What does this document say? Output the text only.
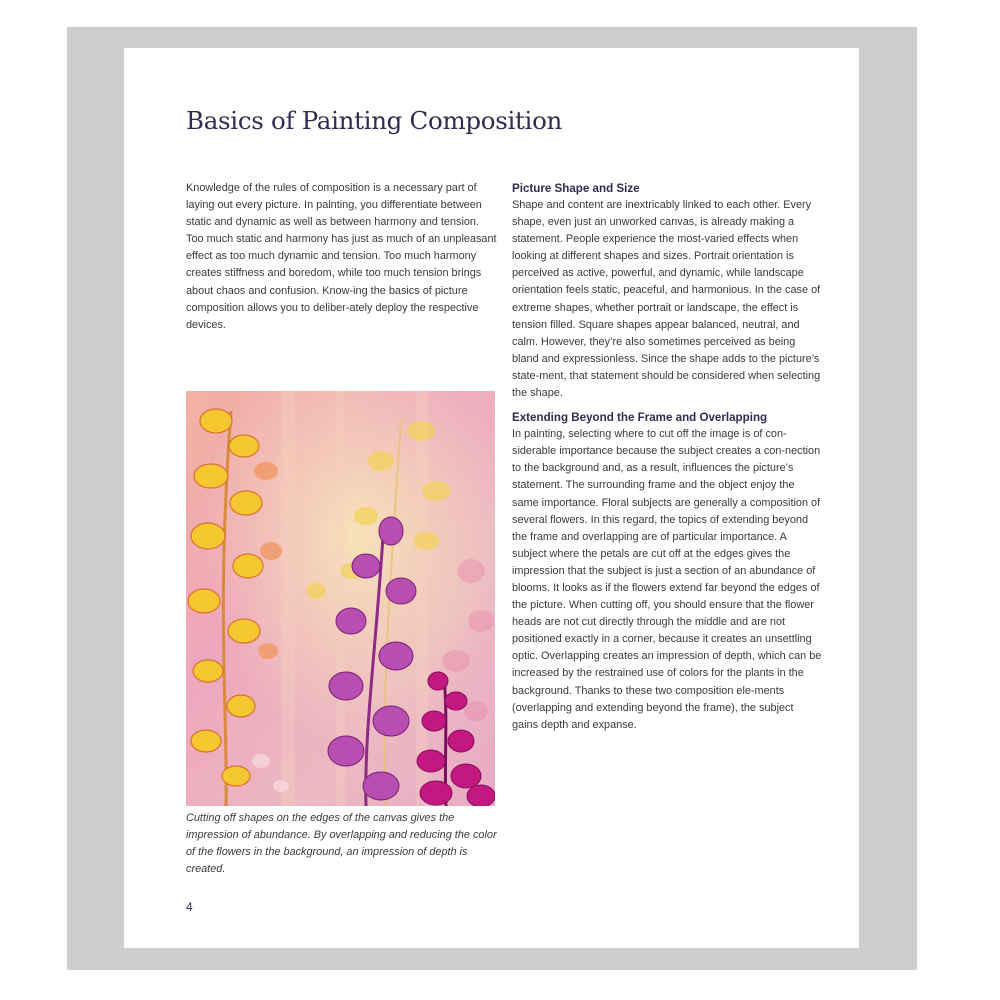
Basics of Painting Composition

Knowledge of the rules of composition is a necessary part of laying out every picture. In painting, you differentiate between static and dynamic as well as between harmony and tension. Too much static and harmony has just as much of an unpleasant effect as too much dynamic and tension. Too much harmony creates stiffness and boredom, while too much tension brings about chaos and confusion. Know-ing the basics of picture composition allows you to deliber-ately deploy the respective devices.

Picture Shape and Size

Shape and content are inextricably linked to each other. Every shape, even just an unworked canvas, is already making a statement. People experience the most-varied effects when looking at different shapes and sizes. Portrait orientation is perceived as active, powerful, and dynamic, while landscape orientation feels static, peaceful, and harmonious. In the case of extreme shapes, whether portrait or landscape, the effect is tension filled. Square shapes appear balanced, neutral, and calm. However, they’re also sometimes perceived as being bland and expressionless. Since the shape adds to the picture’s state-ment, that statement should be considered when selecting the shape.

Extending Beyond the Frame and Overlapping

In painting, selecting where to cut off the image is of con-siderable importance because the subject creates a con-nection to the background and, as a result, influences the picture’s statement. The surrounding frame and the object enjoy the same importance. Floral subjects are generally a composition of several flowers. In this regard, the topics of extending beyond the frame and overlapping are of particular importance. A subject where the petals are cut off at the edges gives the impression that the subject is just a section of an abundance of blooms. It looks as if the flowers extend far beyond the edges of the picture. When cutting off, you should ensure that the flower heads are not cut directly through the middle and are not positioned exactly in a corner, because it creates an unsettling optic. Overlapping creates an impression of depth, which can be increased by the restrained use of colors for the plants in the background. Thanks to these two composition ele-ments (overlapping and extending beyond the frame), the subject gains depth and expanse.

Cutting off shapes on the edges of the canvas gives the impression of abundance. By overlapping and reducing the color of the flowers in the background, an impression of depth is created.

4
